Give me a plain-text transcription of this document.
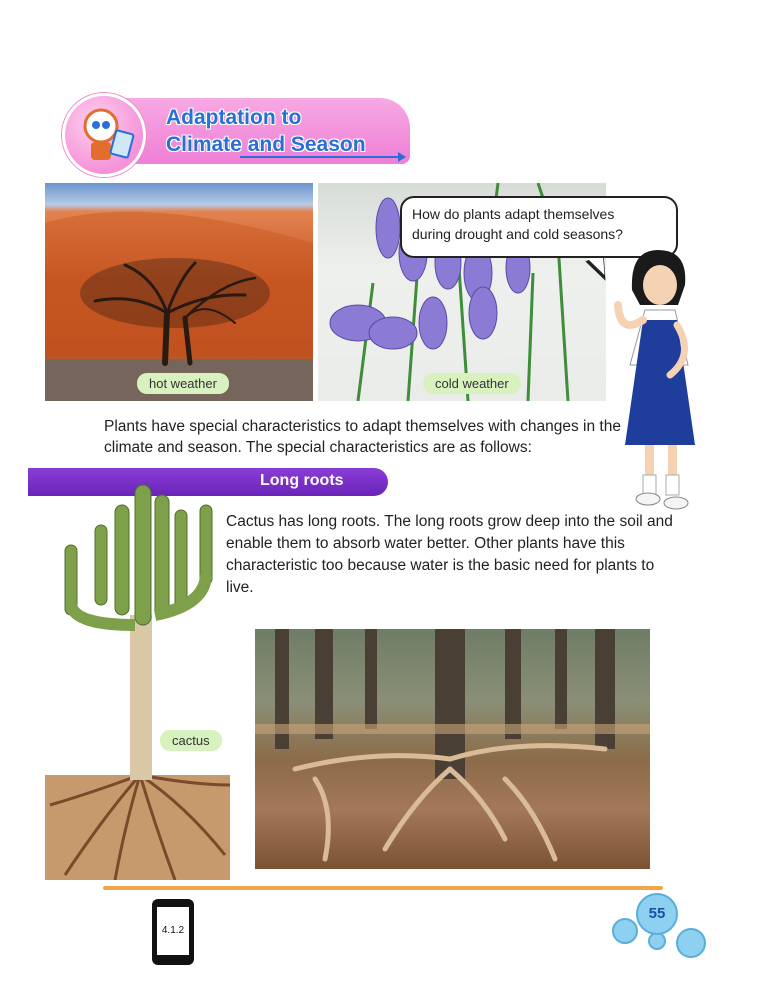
Adaptation to
Climate and Season
hot weather	cold weather
How do plants adapt themselves
during drought and cold seasons?
Plants have special characteristics to adapt themselves with changes in the climate and season. The special characteristics are as follows:
Long roots
cactus
Cactus has long roots. The long roots grow deep into the soil and enable them to absorb water better. Other plants have this characteristic too because water is the basic need for plants to live.
4.1.2
55
